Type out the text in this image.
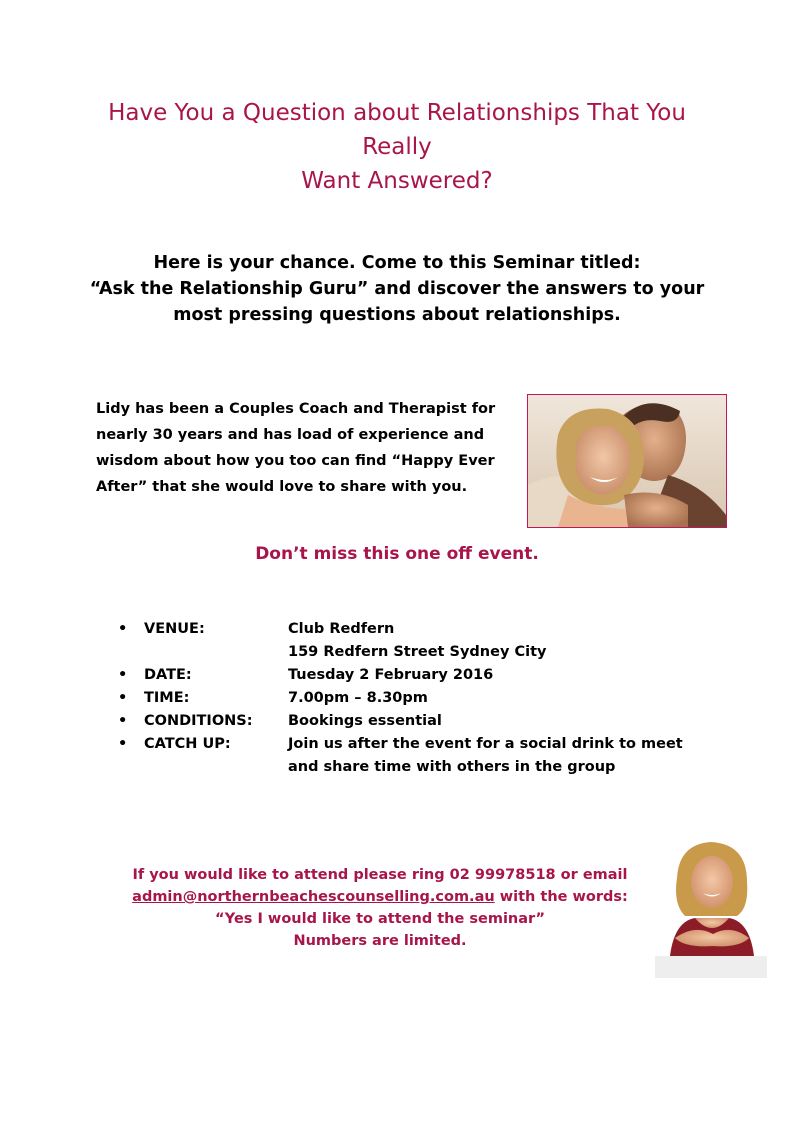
Have You a Question about Relationships That You
Really
Want Answered?
Here is your chance. Come to this Seminar titled:
“Ask the Relationship Guru” and discover the answers to your
most pressing questions about relationships.
Lidy has been a Couples Coach and Therapist for
nearly 30 years and has load of experience and
wisdom about how you too can find “Happy Ever
After” that she would love to share with you.
Don’t miss this one off event.
•	VENUE:	Club Redfern
159 Redfern Street Sydney City
•	DATE:	Tuesday 2 February 2016
•	TIME:	7.00pm – 8.30pm
•	CONDITIONS:	Bookings essential
•	CATCH UP:	Join us after the event for a social drink to meet
and share time with others in the group
If you would like to attend please ring 02 99978518 or email
admin@northernbeachescounselling.com.au with the words:
“Yes I would like to attend the seminar”
Numbers are limited.
